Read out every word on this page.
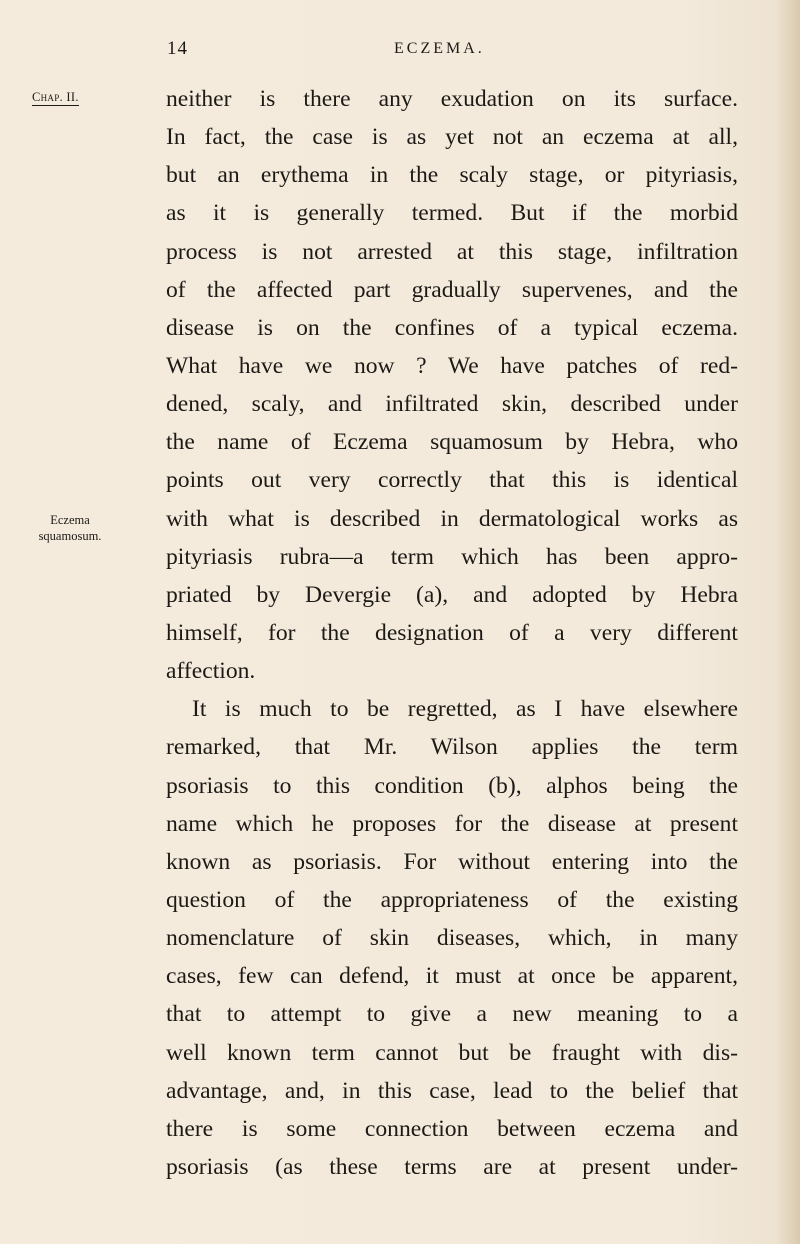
14	ECZEMA.
Chap. II.
Eczema
squamosum.
neither is there any exudation on its surface.
In fact, the case is as yet not an eczema at all,
but an erythema in the scaly stage, or pityriasis,
as it is generally termed. But if the morbid
process is not arrested at this stage, infiltration
of the affected part gradually supervenes, and the
disease is on the confines of a typical eczema.
What have we now ? We have patches of red-
dened, scaly, and infiltrated skin, described under
the name of Eczema squamosum by Hebra, who
points out very correctly that this is identical
with what is described in dermatological works as
pityriasis rubra—a term which has been appro-
priated by Devergie (a), and adopted by Hebra
himself, for the designation of a very different
affection.
It is much to be regretted, as I have elsewhere
remarked, that Mr. Wilson applies the term
psoriasis to this condition (b), alphos being the
name which he proposes for the disease at present
known as psoriasis. For without entering into the
question of the appropriateness of the existing
nomenclature of skin diseases, which, in many
cases, few can defend, it must at once be apparent,
that to attempt to give a new meaning to a
well known term cannot but be fraught with dis-
advantage, and, in this case, lead to the belief that
there is some connection between eczema and
psoriasis (as these terms are at present under-
